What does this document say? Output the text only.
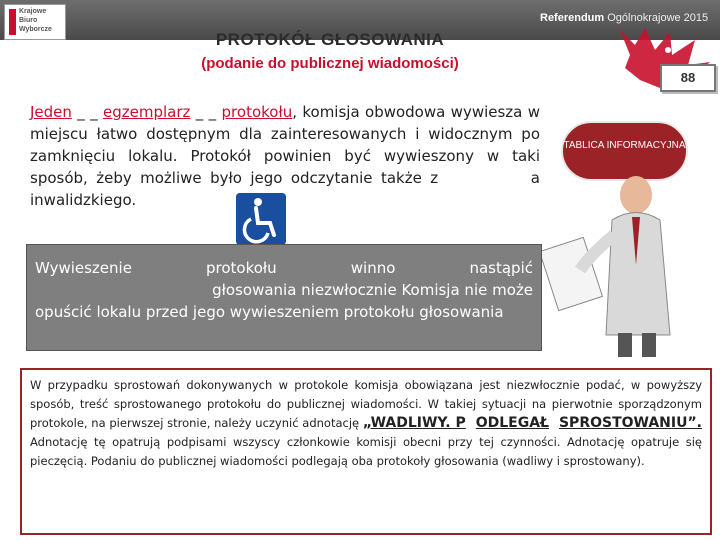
Krajowe
Biuro
Wyborcze
Referendum Ogólnokrajowe 2015
PROTOKÓŁ GŁOSOWANIA
(podanie do publicznej wiadomości)
88
Jeden _ _ egzemplarz _ _ protokołu, komisja obwodowa wywiesza w miejscu łatwo dostępnym dla zainteresowanych i widocznym po zamknięciu lokalu. Protokół powinien być wywieszony w taki sposób, żeby możliwe było jego odczytanie także z	a inwalidzkiego.
TABLICA INFORMACYJNA
Wywieszenie	protokołu	winno	nastąpić
głosowania niezwłocznie Komisja nie może
opuścić lokalu przed jego wywieszeniem protokołu głosowania
W przypadku sprostowań dokonywanych w protokole komisja obowiązana jest niezwłocznie podać, w powyższy sposób, treść sprostowanego protokołu do publicznej wiadomości. W takiej sytuacji na pierwotnie sporządzonym protokole, na pierwszej stronie, należy uczynić adnotację „WADLIWY. P ODLEGAŁ SPROSTOWANIU”. Adnotację tę opatrują podpisami wszyscy członkowie komisji obecni przy tej czynności. Adnotację opatruje się pieczęcią. Podaniu do publicznej wiadomości podlegają oba protokoły głosowania (wadliwy i sprostowany).
